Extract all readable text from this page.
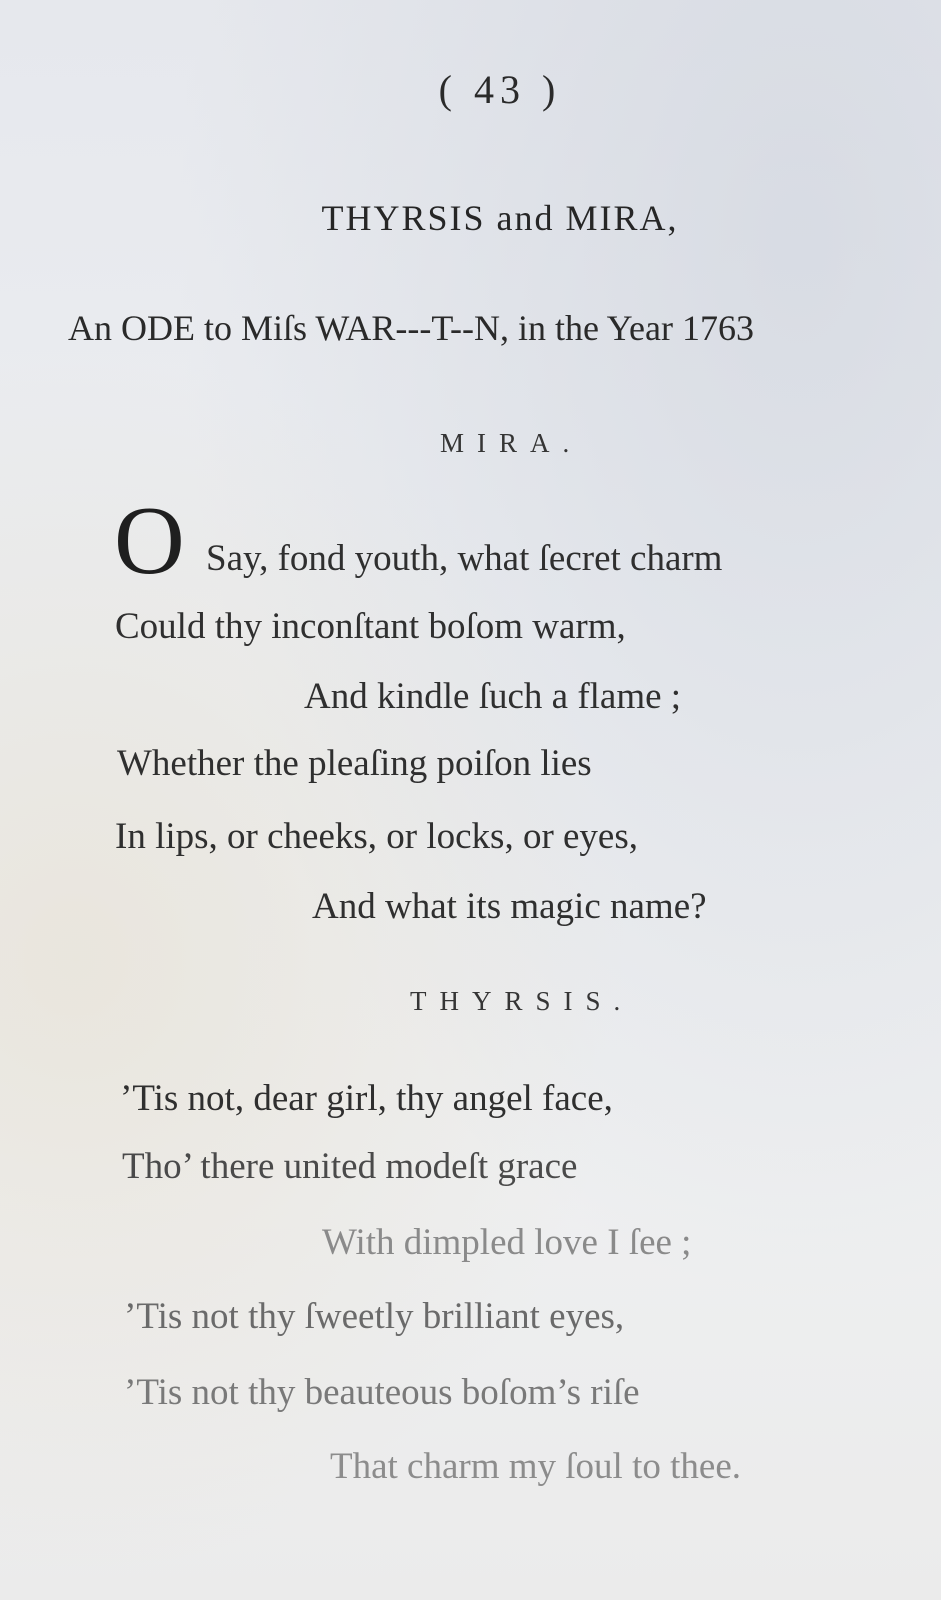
( 43 )
THYRSIS and MIRA,
An ODE to Miſs WAR---T--N, in the Year 1763
MIRA.
O Say, fond youth, what ſecret charm
Could thy inconſtant boſom warm,
And kindle ſuch a flame ;
Whether the pleaſing poiſon lies
In lips, or cheeks, or locks, or eyes,
And what its magic name?
THYRSIS.
’Tis not, dear girl, thy angel face,
Tho’ there united modeſt grace
With dimpled love I ſee ;
’Tis not thy ſweetly brilliant eyes,
’Tis not thy beauteous boſom’s riſe
That charm my ſoul to thee.
